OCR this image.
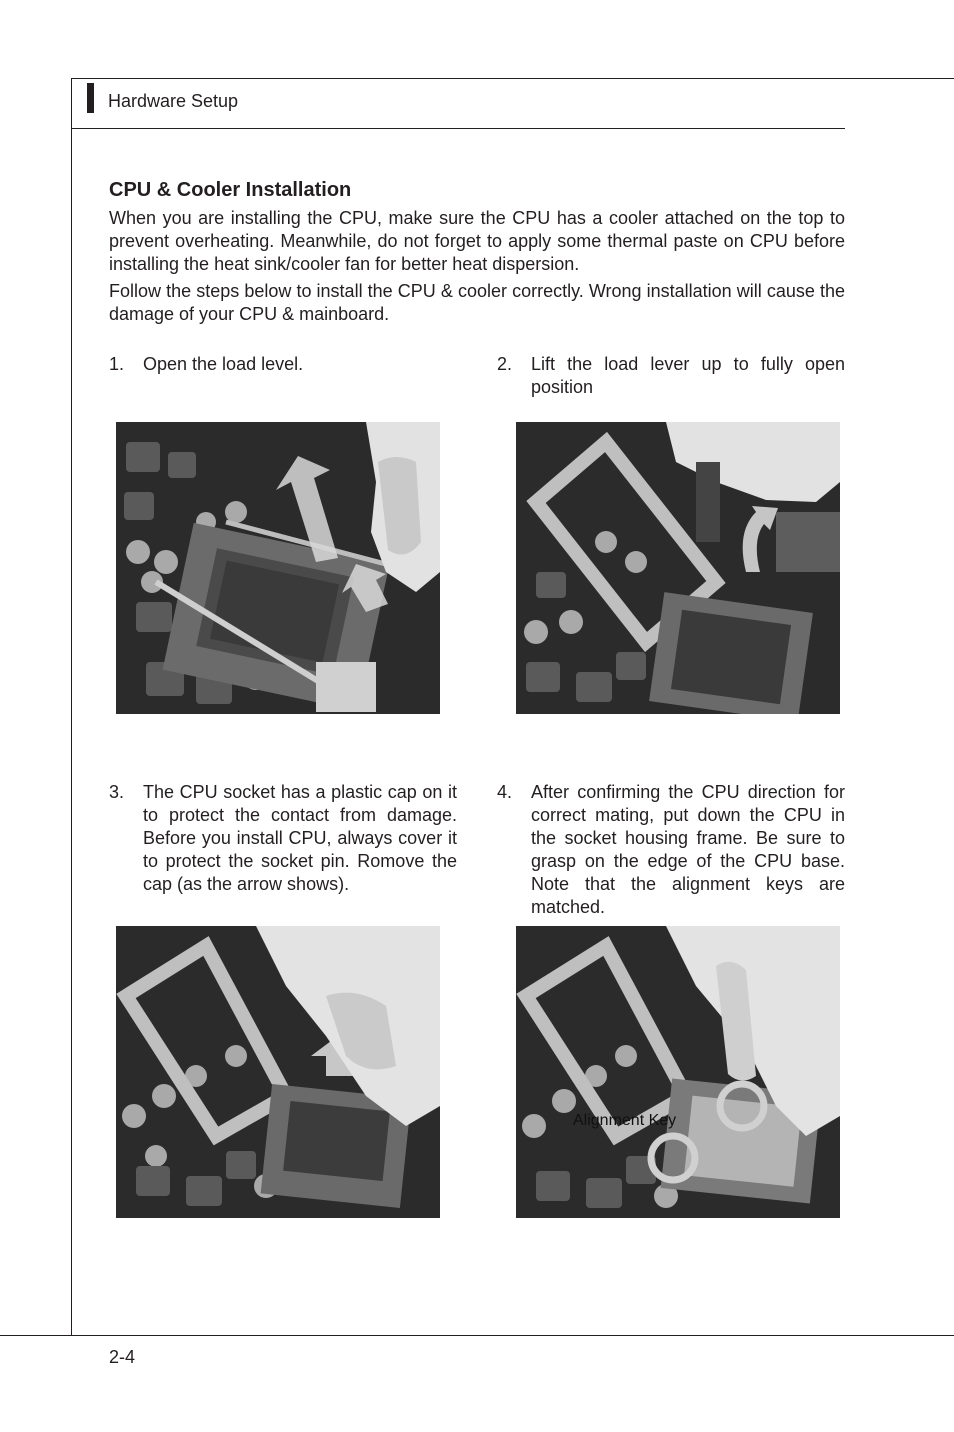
Hardware Setup
CPU & Cooler Installation

When you are installing the CPU, make sure the CPU has a cooler attached on the top to prevent overheating. Meanwhile, do not forget to apply some thermal paste on CPU before installing the heat sink/cooler fan for better heat dispersion.

Follow the steps below to install the CPU & cooler correctly. Wrong installation will cause the damage of your CPU & mainboard.

1. Open the load level.	2. Lift the load lever up to fully open position

3. The CPU socket has a plastic cap on it to protect the contact from damage. Before you install CPU, always cover it to protect the socket pin. Romove the cap (as the arrow shows).

4. After confirming the CPU direction for correct mating, put down the CPU in the socket housing frame. Be sure to grasp on the edge of the CPU base. Note that the alignment keys are matched.

Alignment Key
2-4
